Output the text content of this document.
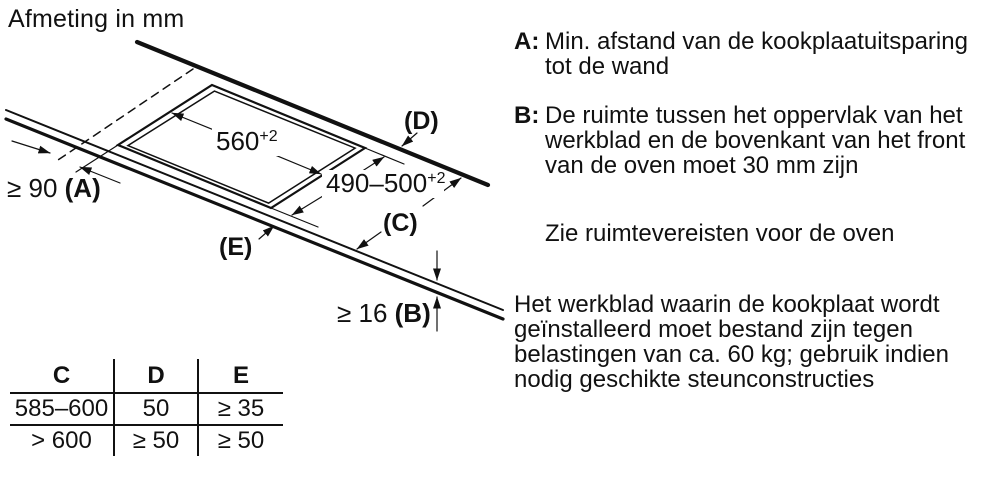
Afmeting in mm
$560^{+2}$
$490-500^{+2}$
≥ 90 (A)
≥ 16 (B)
(C)
(D)
(E)
A: Min. afstand van de kookplaatuitsparing
tot de wand
B: De ruimte tussen het oppervlak van het
werkblad en de bovenkant van het front
van de oven moet 30 mm zijn
Zie ruimtevereisten voor de oven
Het werkblad waarin de kookplaat wordt
geïnstalleerd moet bestand zijn tegen
belastingen van ca. 60 kg; gebruik indien
nodig geschikte steunconstructies
C	D	E
585–600	50	≥ 35
> 600	≥ 50	≥ 50
